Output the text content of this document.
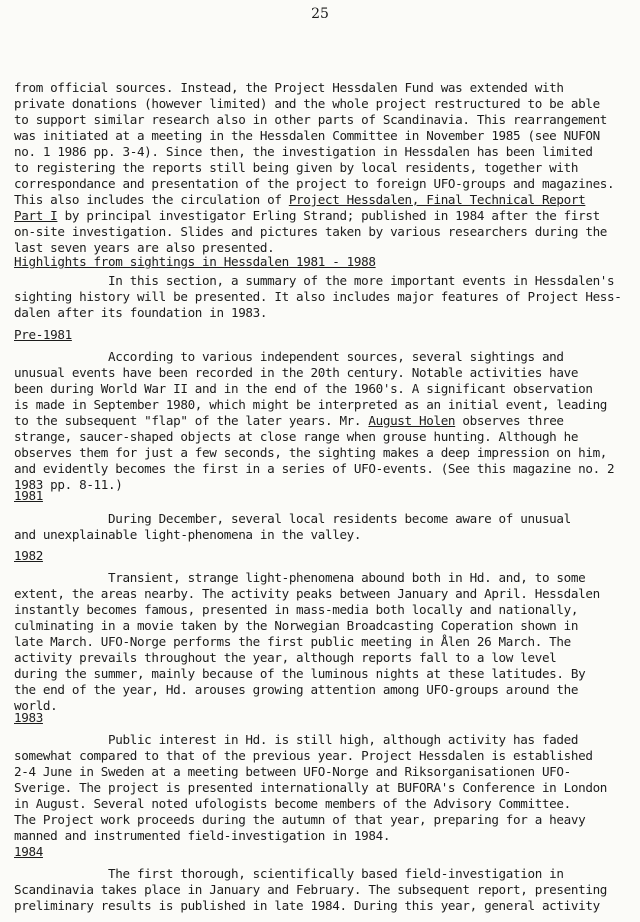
25
from official sources. Instead, the Project Hessdalen Fund was extended with
private donations (however limited) and the whole project restructured to be able
to support similar research also in other parts of Scandinavia. This rearrangement
was initiated at a meeting in the Hessdalen Committee in November 1985 (see NUFON
no. 1 1986 pp. 3-4). Since then, the investigation in Hessdalen has been limited
to registering the reports still being given by local residents, together with
correspondance and presentation of the project to foreign UFO-groups and magazines.
This also includes the circulation of Project Hessdalen, Final Technical Report
Part I by principal investigator Erling Strand; published in 1984 after the first
on-site investigation. Slides and pictures taken by various researchers during the
last seven years are also presented.
Highlights from sightings in Hessdalen 1981 - 1988
In this section, a summary of the more important events in Hessdalen's
sighting history will be presented. It also includes major features of Project Hess-
dalen after its foundation in 1983.
Pre-1981
According to various independent sources, several sightings and
unusual events have been recorded in the 20th century. Notable activities have
been during World War II and in the end of the 1960's. A significant observation
is made in September 1980, which might be interpreted as an initial event, leading
to the subsequent "flap" of the later years. Mr. August Holen observes three
strange, saucer-shaped objects at close range when grouse hunting. Although he
observes them for just a few seconds, the sighting makes a deep impression on him,
and evidently becomes the first in a series of UFO-events. (See this magazine no. 2
1983 pp. 8-11.)
1981
During December, several local residents become aware of unusual
and unexplainable light-phenomena in the valley.
1982
Transient, strange light-phenomena abound both in Hd. and, to some
extent, the areas nearby. The activity peaks between January and April. Hessdalen
instantly becomes famous, presented in mass-media both locally and nationally,
culminating in a movie taken by the Norwegian Broadcasting Coperation shown in
late March. UFO-Norge performs the first public meeting in Ålen 26 March. The
activity prevails throughout the year, although reports fall to a low level
during the summer, mainly because of the luminous nights at these latitudes. By
the end of the year, Hd. arouses growing attention among UFO-groups around the
world.
1983
Public interest in Hd. is still high, although activity has faded
somewhat compared to that of the previous year. Project Hessdalen is established
2-4 June in Sweden at a meeting between UFO-Norge and Riksorganisationen UFO-
Sverige. The project is presented internationally at BUFORA's Conference in London
in August. Several noted ufologists become members of the Advisory Committee.
The Project work proceeds during the autumn of that year, preparing for a heavy
manned and instrumented field-investigation in 1984.
1984
The first thorough, scientifically based field-investigation in
Scandinavia takes place in January and February. The subsequent report, presenting
preliminary results is published in late 1984. During this year, general activity
